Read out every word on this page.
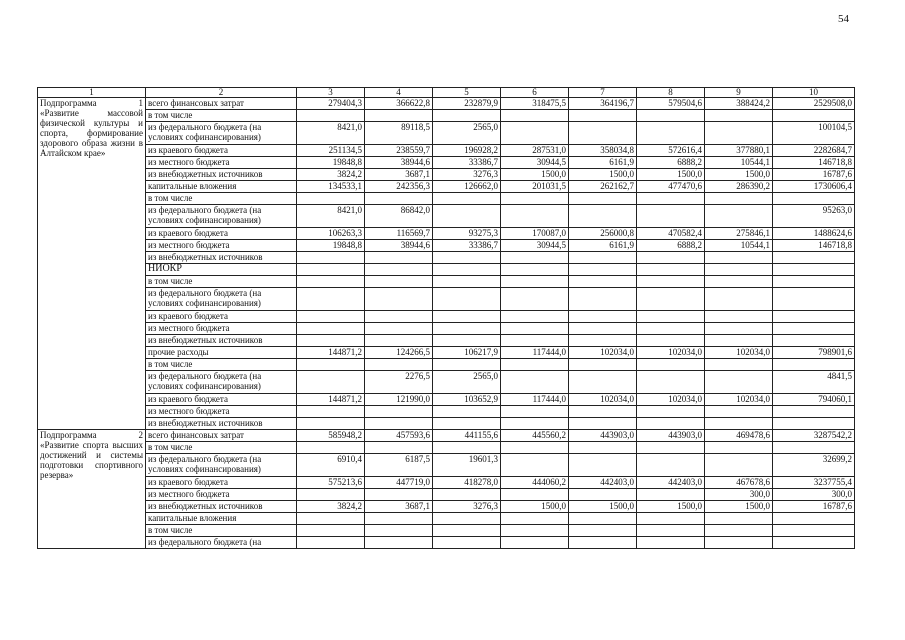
54
1	2	3	4	5	6	7	8	9	10
Подпрограмма 1 «Развитие массовой физической культуры и спорта, формирование здорового образа жизни в Алтайском крае»	всего финансовых затрат	279404,3	366622,8	232879,9	318475,5	364196,7	579504,6	388424,2	2529508,0
	в том числе								
	из федерального бюджета (на условиях софинансирования)	8421,0	89118,5	2565,0					100104,5
	из краевого бюджета	251134,5	238559,7	196928,2	287531,0	358034,8	572616,4	377880,1	2282684,7
	из местного бюджета	19848,8	38944,6	33386,7	30944,5	6161,9	6888,2	10544,1	146718,8
	из внебюджетных источников	3824,2	3687,1	3276,3	1500,0	1500,0	1500,0	1500,0	16787,6
	капитальные вложения	134533,1	242356,3	126662,0	201031,5	262162,7	477470,6	286390,2	1730606,4
	в том числе								
	из федерального бюджета (на условиях софинансирования)	8421,0	86842,0						95263,0
	из краевого бюджета	106263,3	116569,7	93275,3	170087,0	256000,8	470582,4	275846,1	1488624,6
	из местного бюджета	19848,8	38944,6	33386,7	30944,5	6161,9	6888,2	10544,1	146718,8
	из внебюджетных источников								
	НИОКР								
	в том числе								
	из федерального бюджета (на условиях софинансирования)								
	из краевого бюджета								
	из местного бюджета								
	из внебюджетных источников								
	прочие расходы	144871,2	124266,5	106217,9	117444,0	102034,0	102034,0	102034,0	798901,6
	в том числе								
	из федерального бюджета (на условиях софинансирования)		2276,5	2565,0					4841,5
	из краевого бюджета	144871,2	121990,0	103652,9	117444,0	102034,0	102034,0	102034,0	794060,1
	из местного бюджета								
	из внебюджетных источников								
Подпрограмма 2 «Развитие спорта высших достижений и системы подготовки спортивного резерва»	всего финансовых затрат	585948,2	457593,6	441155,6	445560,2	443903,0	443903,0	469478,6	3287542,2
	в том числе								
	из федерального бюджета (на условиях софинансирования)	6910,4	6187,5	19601,3					32699,2
	из краевого бюджета	575213,6	447719,0	418278,0	444060,2	442403,0	442403,0	467678,6	3237755,4
	из местного бюджета							300,0	300,0
	из внебюджетных источников	3824,2	3687,1	3276,3	1500,0	1500,0	1500,0	1500,0	16787,6
	капитальные вложения								
	в том числе								
	из федерального бюджета (на								
